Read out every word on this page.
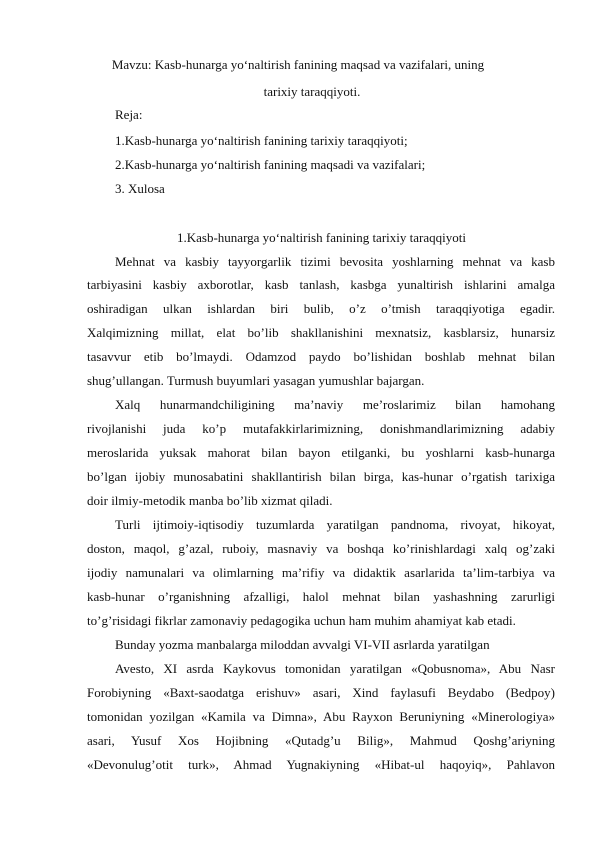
Mavzu: Kasb-hunarga yo‘naltirish fanining maqsad va vazifalari, uning
tarixiy taraqqiyoti.
Reja:
1.Kasb-hunarga yo‘naltirish fanining tarixiy taraqqiyoti;
2.Kasb-hunarga yo‘naltirish fanining maqsadi va vazifalari;
3. Xulosa
1.Kasb-hunarga yo‘naltirish fanining tarixiy taraqqiyoti
Mehnat va kasbiy tayyorgarlik tizimi bevosita yoshlarning mehnat va kasb
tarbiyasini kasbiy axborotlar, kasb tanlash, kasbga yunaltirish ishlarini amalga
oshiradigan ulkan ishlardan biri bulib, o’z o’tmish taraqqiyotiga egadir.
Xalqimizning millat, elat bo’lib shakllanishini mexnatsiz, kasblarsiz, hunarsiz
tasavvur etib bo’lmaydi. Odamzod paydo bo’lishidan boshlab mehnat bilan
shug’ullangan. Turmush buyumlari yasagan yumushlar bajargan.
Xalq hunarmandchiligining ma’naviy me’roslarimiz bilan hamohang
rivojlanishi juda ko’p mutafakkirlarimizning, donishmandlarimizning adabiy
meroslarida yuksak mahorat bilan bayon etilganki, bu yoshlarni kasb-hunarga
bo’lgan ijobiy munosabatini shakllantirish bilan birga, kas-hunar o’rgatish tarixiga
doir ilmiy-metodik manba bo’lib xizmat qiladi.
Turli ijtimoiy-iqtisodiy tuzumlarda yaratilgan pandnoma, rivoyat, hikoyat,
doston, maqol, g’azal, ruboiy, masnaviy va boshqa ko’rinishlardagi xalq og’zaki
ijodiy namunalari va olimlarning ma’rifiy va didaktik asarlarida ta’lim-tarbiya va
kasb-hunar o’rganishning afzalligi, halol mehnat bilan yashashning zarurligi
to’g’risidagi fikrlar zamonaviy pedagogika uchun ham muhim ahamiyat kab etadi.
Bunday yozma manbalarga miloddan avvalgi VI-VII asrlarda yaratilgan
Avesto, XI asrda Kaykovus tomonidan yaratilgan «Qobusnoma», Abu Nasr
Forobiyning «Baxt-saodatga erishuv» asari, Xind faylasufi Beydabo (Bedpoy)
tomonidan yozilgan «Kamila va Dimna», Abu Rayxon Beruniyning «Minerologiya»
asari, Yusuf Xos Hojibning «Qutadg’u Bilig», Mahmud Qoshg’ariyning
«Devonulug’otit turk», Ahmad Yugnakiyning «Hibat-ul haqoyiq», Pahlavon
